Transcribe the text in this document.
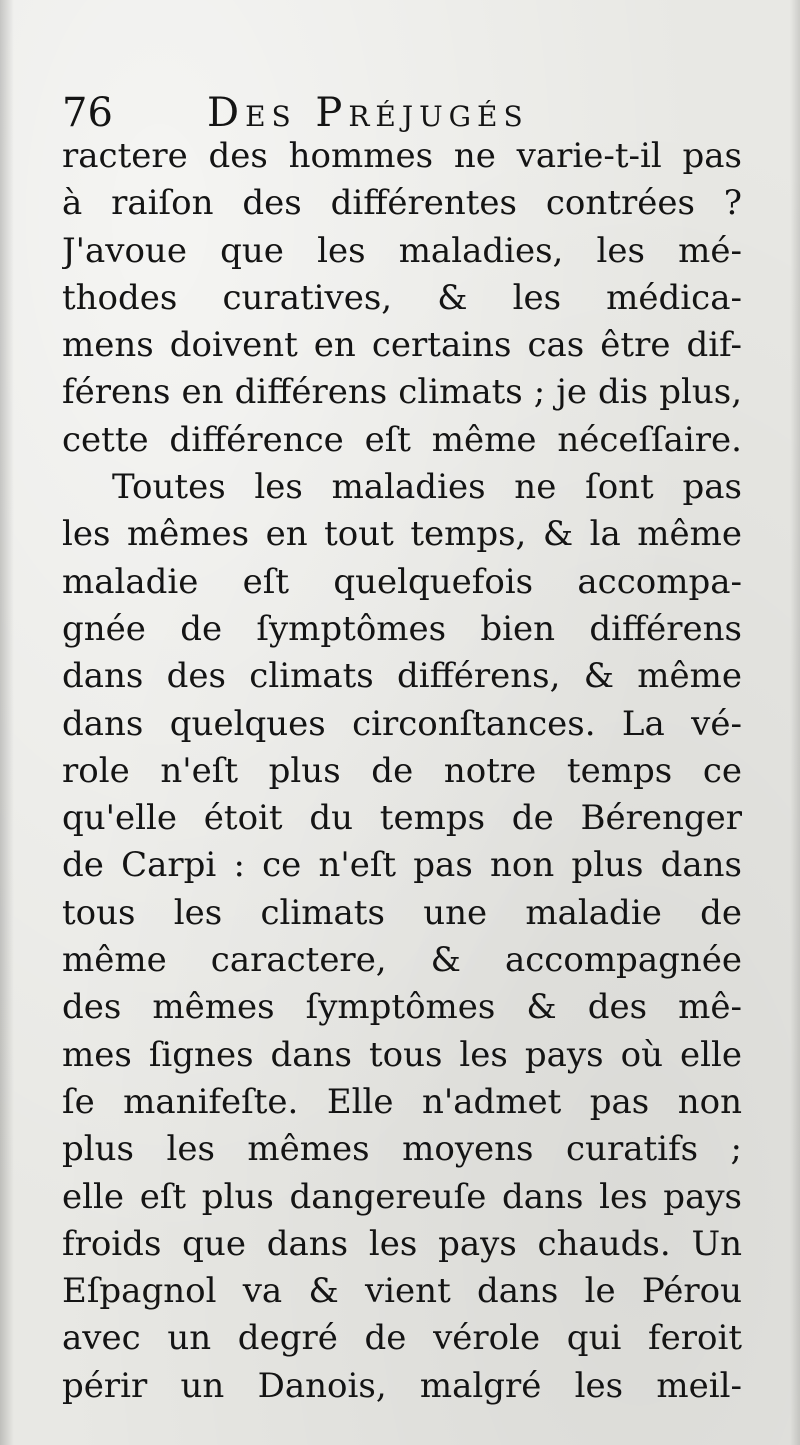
76 Des Préjugés
ractere des hommes ne varie-t-il pas
à raiſon des différentes contrées ?
J'avoue que les maladies, les mé-
thodes curatives, & les médica-
mens doivent en certains cas être dif-
férens en différens climats ; je dis plus,
cette différence eſt même néceſſaire.
Toutes les maladies ne ſont pas
les mêmes en tout temps, & la même
maladie eſt quelquefois accompa-
gnée de ſymptômes bien différens
dans des climats différens, & même
dans quelques circonſtances. La vé-
role n'eſt plus de notre temps ce
qu'elle étoit du temps de Bérenger
de Carpi : ce n'eſt pas non plus dans
tous les climats une maladie de
même caractere, & accompagnée
des mêmes ſymptômes & des mê-
mes ſignes dans tous les pays où elle
ſe manifeſte. Elle n'admet pas non
plus les mêmes moyens curatifs ;
elle eſt plus dangereuſe dans les pays
froids que dans les pays chauds. Un
Eſpagnol va & vient dans le Pérou
avec un degré de vérole qui feroit
périr un Danois, malgré les meil-
